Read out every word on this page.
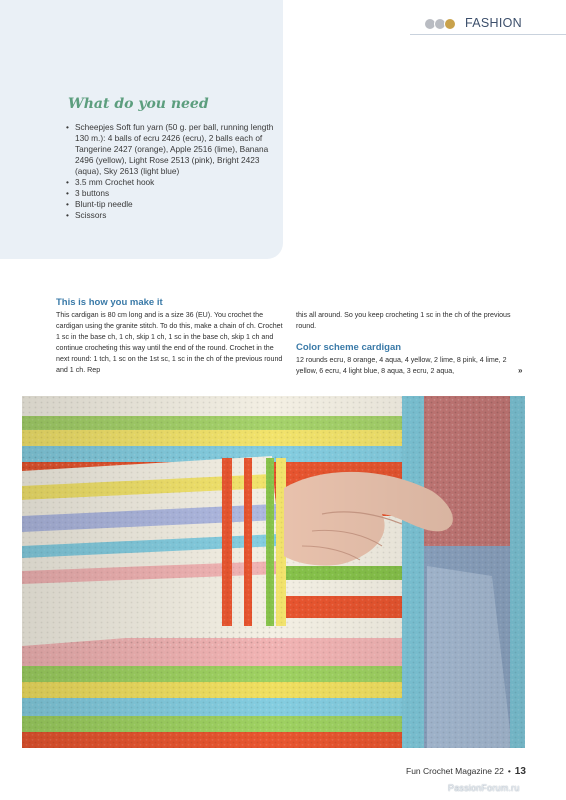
FASHION
What do you need
• Scheepjes Soft fun yarn (50 g. per ball, running length 130 m.): 4 balls of ecru 2426 (ecru), 2 balls each of Tangerine 2427 (orange), Apple 2516 (lime), Banana 2496 (yellow), Light Rose 2513 (pink), Bright 2423 (aqua), Sky 2613 (light blue)
• 3.5 mm Crochet hook
• 3 buttons
• Blunt-tip needle
• Scissors
This is how you make it
This cardigan is 80 cm long and is a size 36 (EU). You crochet the cardigan using the granite stitch. To do this, make a chain of ch. Crochet 1 sc in the base ch, 1 ch, skip 1 ch, 1 sc in the base ch, skip 1 ch and continue crocheting this way until the end of the round. Crochet in the next round: 1 tch, 1 sc on the 1st sc, 1 sc in the ch of the previous round and 1 ch. Rep
this all around. So you keep crocheting 1 sc in the ch of the previous round.
Color scheme cardigan
12 rounds ecru, 8 orange, 4 aqua, 4 yellow, 2 lime, 8 pink, 4 lime, 2 yellow, 6 ecru, 4 light blue, 8 aqua, 3 ecru, 2 aqua,	»
Fun Crochet Magazine 22 • 13
PassionForum.ru
